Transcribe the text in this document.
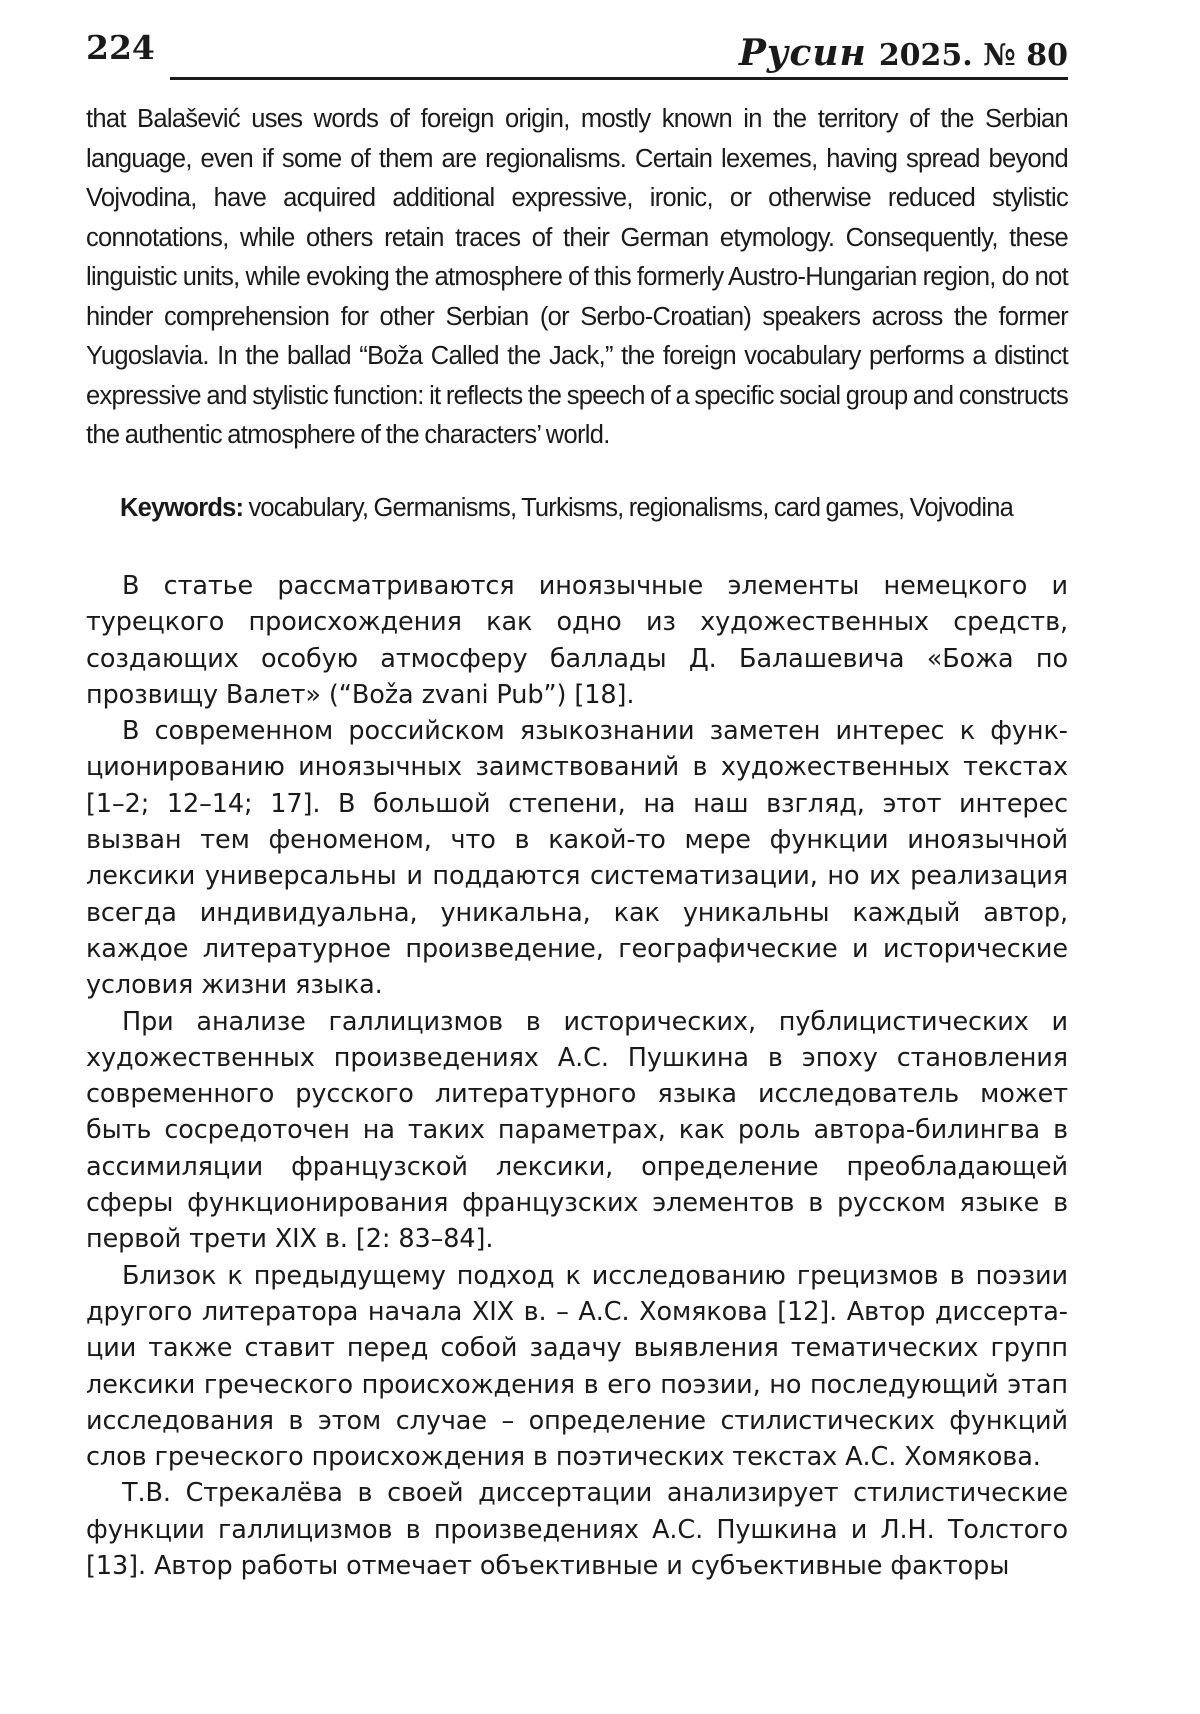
224	Русин 2025. № 80

that Balašević uses words of foreign origin, mostly known in the territory of the Serbian language, even if some of them are regionalisms. Certain lexemes, having spread beyond Vojvodina, have acquired additional expressive, ironic, or otherwise reduced stylistic connotations, while others retain traces of their German etymology. Consequently, these linguistic units, while evoking the atmosphere of this formerly Austro-Hungarian region, do not hinder comprehension for other Serbian (or Serbo-Croatian) speakers across the former Yugoslavia. In the ballad “Boža Called the Jack,” the foreign vocabulary performs a distinct expressive and stylistic function: it reflects the speech of a specific social group and constructs the authentic atmosphere of the characters’ world.

Keywords: vocabulary, Germanisms, Turkisms, regionalisms, card games, Vojvodina

В статье рассматриваются иноязычные элементы немецкого и турецкого происхождения как одно из художественных средств, создающих особую атмосферу баллады Д. Балашевича «Божа по прозвищу Валет» (“Boža zvani Pub”) [18].

В современном российском языкознании заметен интерес к функционированию иноязычных заимствований в художественных текстах [1–2; 12–14; 17]. В большой степени, на наш взгляд, этот интерес вызван тем феноменом, что в какой-то мере функции иноязычной лексики универсальны и поддаются систематизации, но их реализация всегда индивидуальна, уникальна, как уникальны каждый автор, каждое литературное произведение, географические и исторические условия жизни языка.

При анализе галлицизмов в исторических, публицистических и художественных произведениях А.С. Пушкина в эпоху становления современного русского литературного языка исследователь может быть сосредоточен на таких параметрах, как роль автора-билингва в ассимиляции французской лексики, определение преобладающей сферы функционирования французских элементов в русском языке в первой трети XIX в. [2: 83–84].

Близок к предыдущему подход к исследованию грецизмов в поэзии другого литератора начала XIX в. – А.С. Хомякова [12]. Автор диссертации также ставит перед собой задачу выявления тематических групп лексики греческого происхождения в его поэзии, но последующий этап исследования в этом случае – определение стилистических функций слов греческого происхождения в поэтических текстах А.С. Хомякова.

Т.В. Стрекалёва в своей диссертации анализирует стилистические функции галлицизмов в произведениях А.С. Пушкина и Л.Н. Толстого [13]. Автор работы отмечает объективные и субъективные факторы
